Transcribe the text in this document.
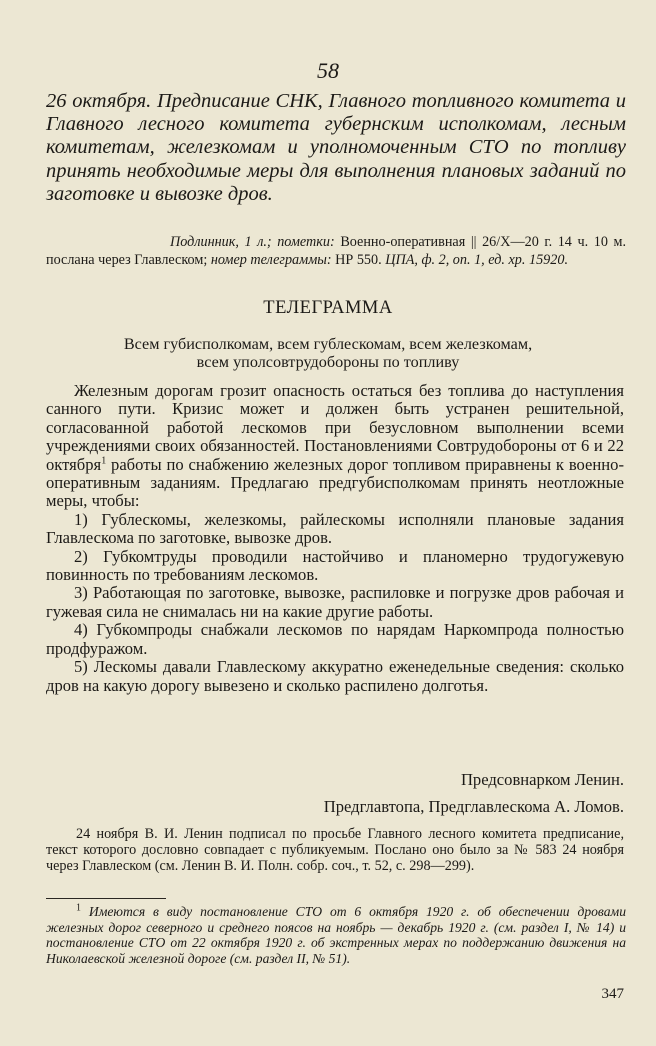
58
26 октября. Предписание СНК, Главного топливного комитета и Главного лесного комитета губернским исполкомам, лесным комитетам, железкомам и уполномоченным СТО по топливу принять необходимые меры для выполнения плановых заданий по заготовке и вывозке дров.
Подлинник, 1 л.; пометки: Военно-оперативная || 26/X—20 г. 14 ч. 10 м. послана через Главлеском; номер телеграммы: НР 550. ЦПА, ф. 2, оп. 1, ед. хр. 15920.
ТЕЛЕГРАММА
Всем губисполкомам, всем гублескомам, всем железкомам,
всем уполсовтрудобороны по топливу

Железным дорогам грозит опасность остаться без топлива до наступления санного пути. Кризис может и должен быть устранен решительной, согласованной работой лескомов при безусловном выполнении всеми учреждениями своих обязанностей. Постановлениями Совтрудобороны от 6 и 22 октября$^1$ работы по снабжению железных дорог топливом приравнены к военно-оперативным заданиям. Предлагаю предгубисполкомам принять неотложные меры, чтобы:

1) Гублескомы, железкомы, райлескомы исполняли плановые задания Главлескома по заготовке, вывозке дров.

2) Губкомтруды проводили настойчиво и планомерно трудогужевую повинность по требованиям лескомов.

3) Работающая по заготовке, вывозке, распиловке и погрузке дров рабочая и гужевая сила не снималась ни на какие другие работы.

4) Губкомпроды снабжали лескомов по нарядам Наркомпрода полностью продфуражом.

5) Лескомы давали Главлескому аккуратно еженедельные сведения: сколько дров на какую дорогу вывезено и сколько распилено долготья.

Предсовнарком Ленин.
Предглавтопа, Предглавлескома А. Ломов.
24 ноября В. И. Ленин подписал по просьбе Главного лесного комитета предписание, текст которого дословно совпадает с публикуемым. Послано оно было за № 583 24 ноября через Главлеском (см. Ленин В. И. Полн. собр. соч., т. 52, с. 298—299).
$^1$ Имеются в виду постановление СТО от 6 октября 1920 г. об обеспечении дровами железных дорог северного и среднего поясов на ноябрь — декабрь 1920 г. (см. раздел I, № 14) и постановление СТО от 22 октября 1920 г. об экстренных мерах по поддержанию движения на Николаевской железной дороге (см. раздел II, № 51).
347
